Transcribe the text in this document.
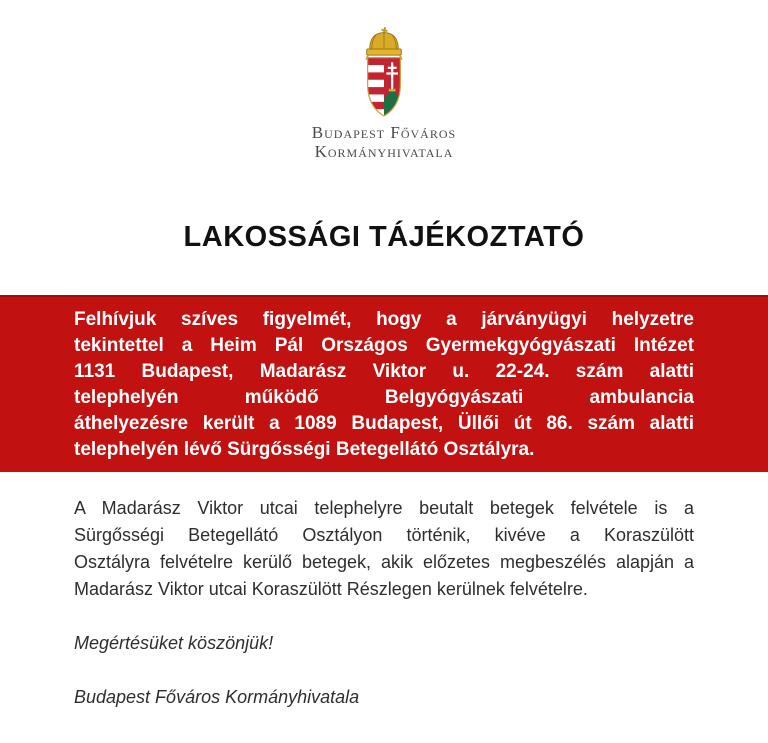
Budapest Főváros
Kormányhivatala
LAKOSSÁGI TÁJÉKOZTATÓ
Felhívjuk szíves figyelmét, hogy a járványügyi helyzetre
tekintettel a Heim Pál Országos Gyermekgyógyászati Intézet
1131 Budapest, Madarász Viktor u. 22-24. szám alatti
telephelyén működő Belgyógyászati ambulancia
áthelyezésre került a 1089 Budapest, Üllői út 86. szám alatti
telephelyén lévő Sürgősségi Betegellátó Osztályra.
A Madarász Viktor utcai telephelyre beutalt betegek felvétele is a
Sürgősségi Betegellátó Osztályon történik, kivéve a Koraszülött
Osztályra felvételre kerülő betegek, akik előzetes megbeszélés alapján a
Madarász Viktor utcai Koraszülött Részlegen kerülnek felvételre.

Megértésüket köszönjük!

Budapest Főváros Kormányhivatala
